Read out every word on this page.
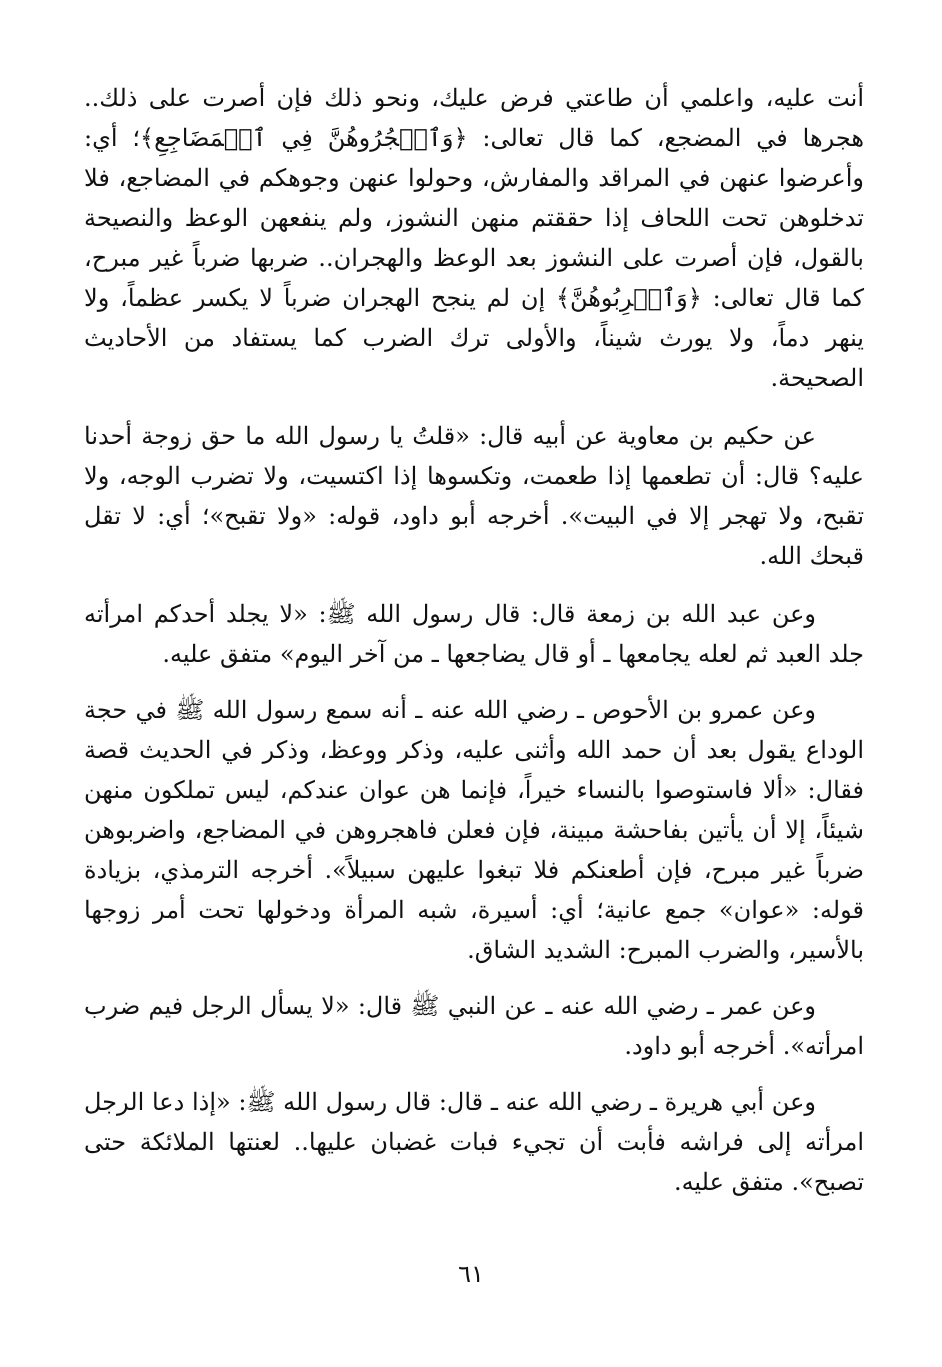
أنت عليه، واعلمي أن طاعتي فرض عليك، ونحو ذلك فإن أصرت على ذلك.. هجرها في المضجع، كما قال تعالى: ﴿وَٱهۡجُرُوهُنَّ فِي ٱلۡمَضَاجِعِ﴾؛ أي: وأعرضوا عنهن في المراقد والمفارش، وحولوا عنهن وجوهكم في المضاجع، فلا تدخلوهن تحت اللحاف إذا حققتم منهن النشوز، ولم ينفعهن الوعظ والنصيحة بالقول، فإن أصرت على النشوز بعد الوعظ والهجران.. ضربها ضرباً غير مبرح، كما قال تعالى: ﴿وَٱضۡرِبُوهُنَّ﴾ إن لم ينجح الهجران ضرباً لا يكسر عظماً، ولا ينهر دماً، ولا يورث شيناً، والأولى ترك الضرب كما يستفاد من الأحاديث الصحيحة.

عن حكيم بن معاوية عن أبيه قال: «قلتُ يا رسول الله ما حق زوجة أحدنا عليه؟ قال: أن تطعمها إذا طعمت، وتكسوها إذا اكتسيت، ولا تضرب الوجه، ولا تقبح، ولا تهجر إلا في البيت». أخرجه أبو داود، قوله: «ولا تقبح»؛ أي: لا تقل قبحك الله.

وعن عبد الله بن زمعة قال: قال رسول الله ﷺ: «لا يجلد أحدكم امرأته جلد العبد ثم لعله يجامعها ـ أو قال يضاجعها ـ من آخر اليوم» متفق عليه.

وعن عمرو بن الأحوص ـ رضي الله عنه ـ أنه سمع رسول الله ﷺ في حجة الوداع يقول بعد أن حمد الله وأثنى عليه، وذكر ووعظ، وذكر في الحديث قصة فقال: «ألا فاستوصوا بالنساء خيراً، فإنما هن عوان عندكم، ليس تملكون منهن شيئاً، إلا أن يأتين بفاحشة مبينة، فإن فعلن فاهجروهن في المضاجع، واضربوهن ضرباً غير مبرح، فإن أطعنكم فلا تبغوا عليهن سبيلاً». أخرجه الترمذي، بزيادة قوله: «عوان» جمع عانية؛ أي: أسيرة، شبه المرأة ودخولها تحت أمر زوجها بالأسير، والضرب المبرح: الشديد الشاق.

وعن عمر ـ رضي الله عنه ـ عن النبي ﷺ قال: «لا يسأل الرجل فيم ضرب امرأته». أخرجه أبو داود.

وعن أبي هريرة ـ رضي الله عنه ـ قال: قال رسول الله ﷺ: «إذا دعا الرجل امرأته إلى فراشه فأبت أن تجيء فبات غضبان عليها.. لعنتها الملائكة حتى تصبح». متفق عليه.

٦١
